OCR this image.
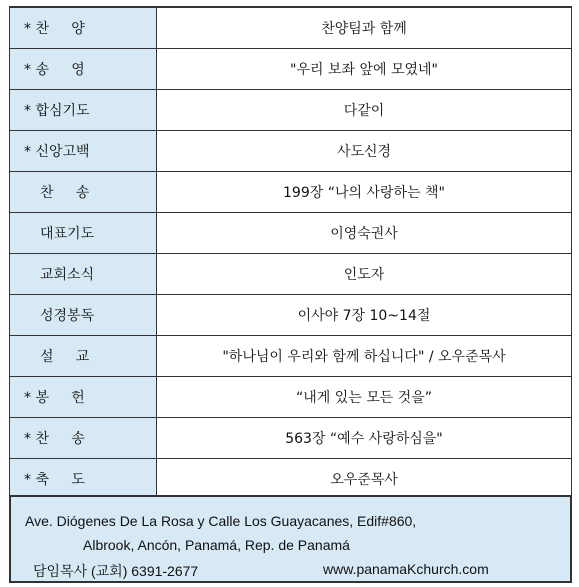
* 찬     양	찬양팀과 함께
* 송     영	"우리 보좌 앞에 모였네"
* 합심기도	다같이
* 신앙고백	사도신경
찬     송	199장 “나의 사랑하는 책"
대표기도	이영숙권사
교회소식	인도자
성경봉독	이사야 7장 10~14절
설     교	"하나님이 우리와 함께 하십니다" / 오우준목사
* 봉     헌	“내게 있는 모든 것을”
* 찬     송	563장 “예수 사랑하심을"
* 축     도	오우준목사
Ave. Diógenes De La Rosa y Calle Los Guayacanes, Edif#860,
Albrook, Ancón, Panamá, Rep. de Panamá
담임목사 (교회) 6391-2677	www.panamaKchurch.com
